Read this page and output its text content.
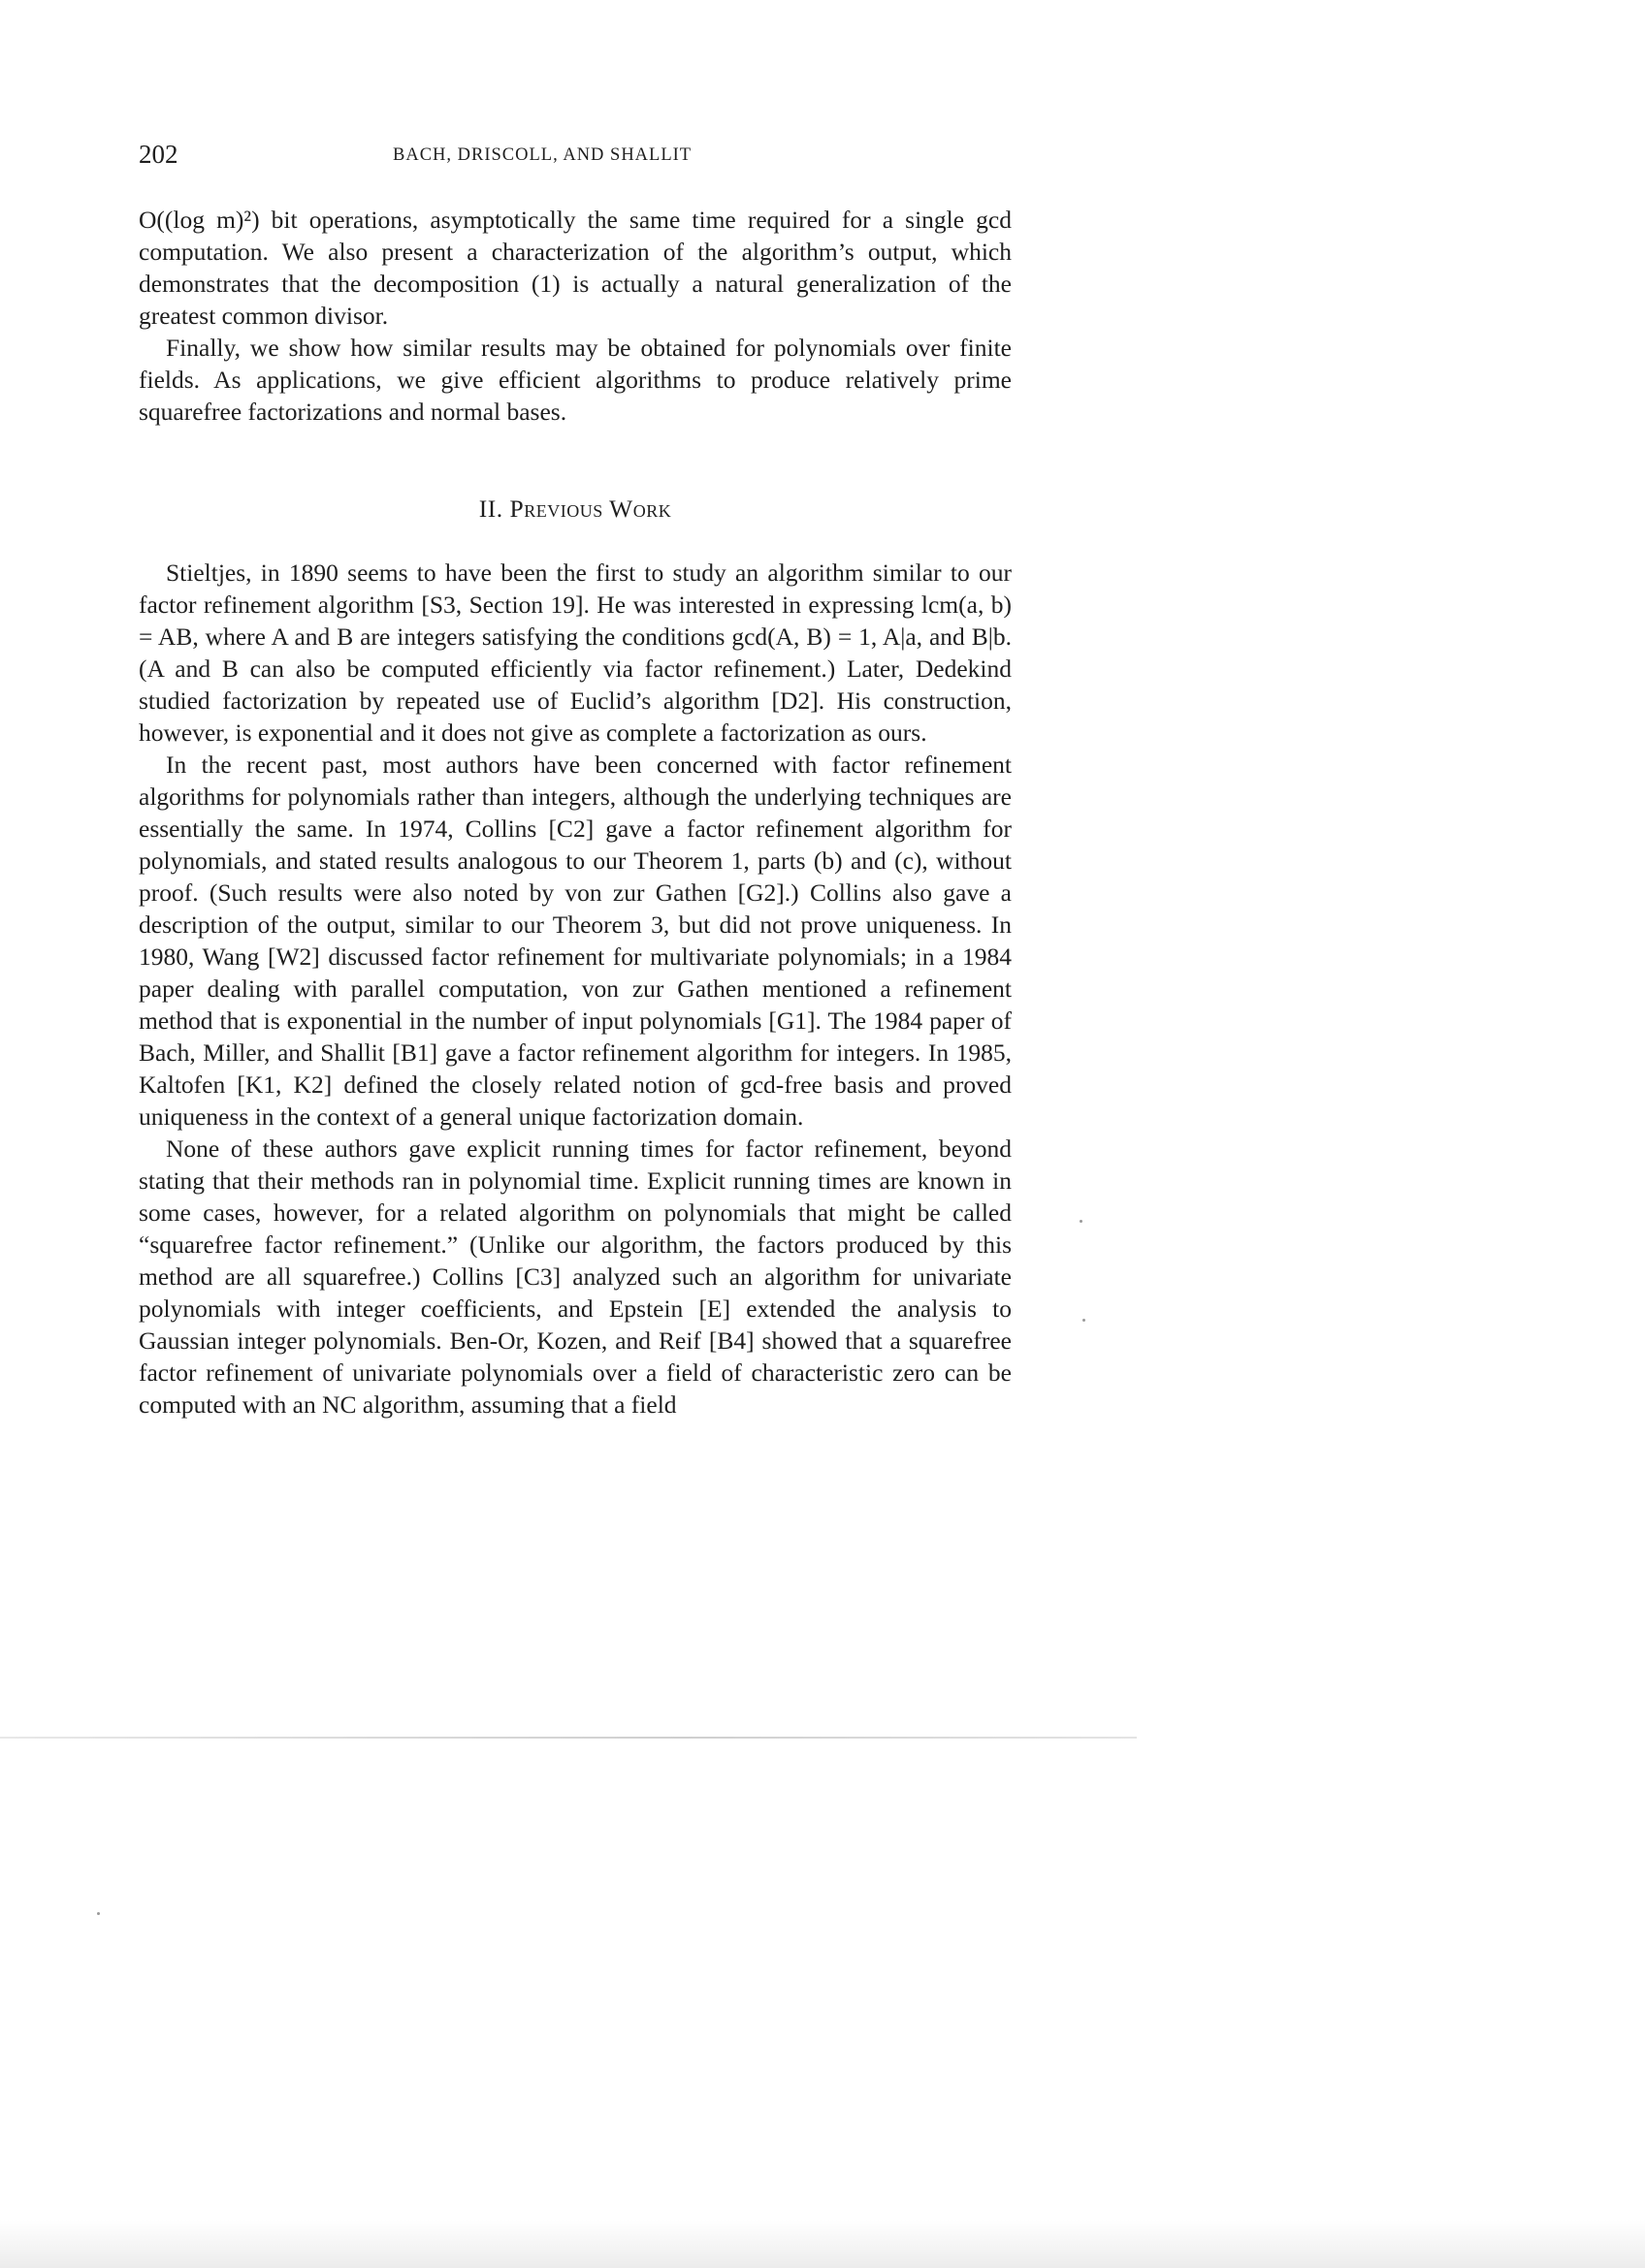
202	BACH, DRISCOLL, AND SHALLIT

O((log m)²) bit operations, asymptotically the same time required for a single gcd computation. We also present a characterization of the algorithm’s output, which demonstrates that the decomposition (1) is actually a natural generalization of the greatest common divisor.

Finally, we show how similar results may be obtained for polynomials over finite fields. As applications, we give efficient algorithms to produce relatively prime squarefree factorizations and normal bases.

II. Previous Work

Stieltjes, in 1890 seems to have been the first to study an algorithm similar to our factor refinement algorithm [S3, Section 19]. He was interested in expressing lcm(a, b) = AB, where A and B are integers satisfying the conditions gcd(A, B) = 1, A|a, and B|b. (A and B can also be computed efficiently via factor refinement.) Later, Dedekind studied factorization by repeated use of Euclid’s algorithm [D2]. His construction, however, is exponential and it does not give as complete a factorization as ours.

In the recent past, most authors have been concerned with factor refinement algorithms for polynomials rather than integers, although the underlying techniques are essentially the same. In 1974, Collins [C2] gave a factor refinement algorithm for polynomials, and stated results analogous to our Theorem 1, parts (b) and (c), without proof. (Such results were also noted by von zur Gathen [G2].) Collins also gave a description of the output, similar to our Theorem 3, but did not prove uniqueness. In 1980, Wang [W2] discussed factor refinement for multivariate polynomials; in a 1984 paper dealing with parallel computation, von zur Gathen mentioned a refinement method that is exponential in the number of input polynomials [G1]. The 1984 paper of Bach, Miller, and Shallit [B1] gave a factor refinement algorithm for integers. In 1985, Kaltofen [K1, K2] defined the closely related notion of gcd-free basis and proved uniqueness in the context of a general unique factorization domain.

None of these authors gave explicit running times for factor refinement, beyond stating that their methods ran in polynomial time. Explicit running times are known in some cases, however, for a related algorithm on polynomials that might be called “squarefree factor refinement.” (Unlike our algorithm, the factors produced by this method are all squarefree.) Collins [C3] analyzed such an algorithm for univariate polynomials with integer coefficients, and Epstein [E] extended the analysis to Gaussian integer polynomials. Ben-Or, Kozen, and Reif [B4] showed that a squarefree factor refinement of univariate polynomials over a field of characteristic zero can be computed with an NC algorithm, assuming that a field
